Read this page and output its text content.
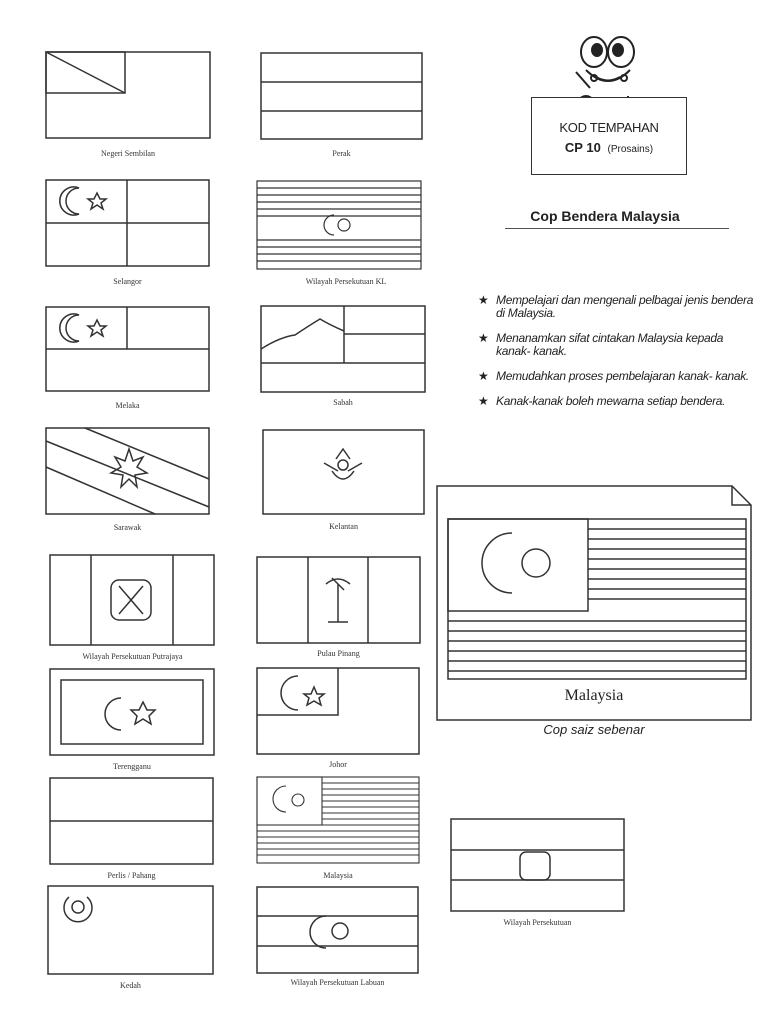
KOD TEMPAHAN
CP 10 (Prosains)
Cop Bendera Malaysia
★ Mempelajari dan mengenali pelbagai jenis bendera di Malaysia.
★ Menanamkan sifat cintakan Malaysia kepada kanak- kanak.
★ Memudahkan proses pembelajaran kanak- kanak.
★ Kanak-kanak boleh mewarna setiap bendera.
Negeri Sembilan	Perak
Selangor	Wilayah Persekutuan KL
Melaka	Sabah
Sarawak	Kelantan
Wilayah Persekutuan Putrajaya	Pulau Pinang
Terengganu	Johor
Perlis / Pahang	Malaysia
Kedah	Wilayah Persekutuan Labuan
Wilayah Persekutuan
Malaysia
Cop saiz sebenar
